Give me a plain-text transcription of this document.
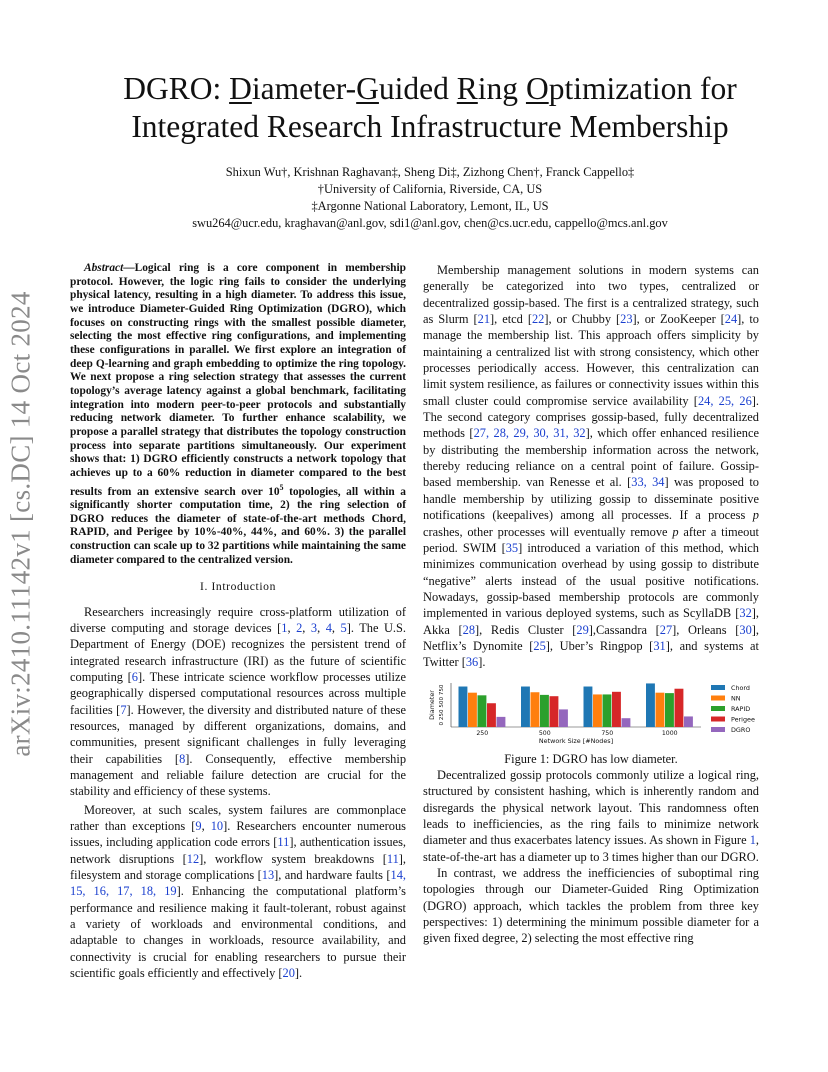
arXiv:2410.11142v1 [cs.DC] 14 Oct 2024
DGRO: Diameter-Guided Ring Optimization for
Integrated Research Infrastructure Membership
Shixun Wu†, Krishnan Raghavan‡, Sheng Di‡, Zizhong Chen†, Franck Cappello‡
†University of California, Riverside, CA, US
‡Argonne National Laboratory, Lemont, IL, US
swu264@ucr.edu, kraghavan@anl.gov, sdi1@anl.gov, chen@cs.ucr.edu, cappello@mcs.anl.gov

Abstract—Logical ring is a core component in membership protocol. However, the logic ring fails to consider the underlying physical latency, resulting in a high diameter. To address this issue, we introduce Diameter-Guided Ring Optimization (DGRO), which focuses on constructing rings with the smallest possible diameter, selecting the most effective ring configurations, and implementing these configurations in parallel. We first explore an integration of deep Q-learning and graph embedding to optimize the ring topology. We next propose a ring selection strategy that assesses the current topology’s average latency against a global benchmark, facilitating integration into modern peer-to-peer protocols and substantially reducing network diameter. To further enhance scalability, we propose a parallel strategy that distributes the topology construction process into separate partitions simultaneously. Our experiment shows that: 1) DGRO efficiently constructs a network topology that achieves up to a 60% reduction in diameter compared to the best results from an extensive search over $10^5$ topologies, all within a significantly shorter computation time, 2) the ring selection of DGRO reduces the diameter of state-of-the-art methods Chord, RAPID, and Perigee by 10%-40%, 44%, and 60%. 3) the parallel construction can scale up to 32 partitions while maintaining the same diameter compared to the centralized version.

I. Introduction

Researchers increasingly require cross-platform utilization of diverse computing and storage devices [1, 2, 3, 4, 5]. The U.S. Department of Energy (DOE) recognizes the persistent trend of integrated research infrastructure (IRI) as the future of scientific computing [6]. These intricate science workflow processes utilize geographically dispersed computational resources across multiple facilities [7]. However, the diversity and distributed nature of these resources, managed by different organizations, domains, and communities, present significant challenges in fully leveraging their capabilities [8]. Consequently, effective membership management and reliable failure detection are crucial for the stability and efficiency of these systems.

Moreover, at such scales, system failures are commonplace rather than exceptions [9, 10]. Researchers encounter numerous issues, including application code errors [11], authentication issues, network disruptions [12], workflow system breakdowns [11], filesystem and storage complications [13], and hardware faults [14, 15, 16, 17, 18, 19]. Enhancing the computational platform’s performance and resilience making it fault-tolerant, robust against a variety of workloads and environmental conditions, and adaptable to changes in workloads, resource availability, and connectivity is crucial for enabling researchers to pursue their scientific goals efficiently and effectively [20].

Membership management solutions in modern systems can generally be categorized into two types, centralized or decentralized gossip-based. The first is a centralized strategy, such as Slurm [21], etcd [22], or Chubby [23], or ZooKeeper [24], to manage the membership list. This approach offers simplicity by maintaining a centralized list with strong consistency, which other processes periodically access. However, this centralization can limit system resilience, as failures or connectivity issues within this small cluster could compromise service availability [24, 25, 26]. The second category comprises gossip-based, fully decentralized methods [27, 28, 29, 30, 31, 32], which offer enhanced resilience by distributing the membership information across the network, thereby reducing reliance on a central point of failure. Gossip-based membership. van Renesse et al. [33, 34] was proposed to handle membership by utilizing gossip to disseminate positive notifications (keepalives) among all processes. If a process p crashes, other processes will eventually remove p after a timeout period. SWIM [35] introduced a variation of this method, which minimizes communication overhead by using gossip to distribute “negative” alerts instead of the usual positive notifications. Nowadays, gossip-based membership protocols are commonly implemented in various deployed systems, such as ScyllaDB [32], Akka [28], Redis Cluster [29],Cassandra [27], Orleans [30], Netflix’s Dynomite [25], Uber’s Ringpop [31], and systems at Twitter [36].

250	500	750	1000
0 250 500 750
Diameter
Network Size [#Nodes]
Chord
NN
RAPID
Perigee
DGRO
Figure 1: DGRO has low diameter.

Decentralized gossip protocols commonly utilize a logical ring, structured by consistent hashing, which is inherently random and disregards the physical network layout. This randomness often leads to inefficiencies, as the ring fails to minimize network diameter and thus exacerbates latency issues. As shown in Figure 1, state-of-the-art has a diameter up to 3 times higher than our DGRO.

In contrast, we address the inefficiencies of suboptimal ring topologies through our Diameter-Guided Ring Optimization (DGRO) approach, which tackles the problem from three key perspectives: 1) determining the minimum possible diameter for a given fixed degree, 2) selecting the most effective ring
